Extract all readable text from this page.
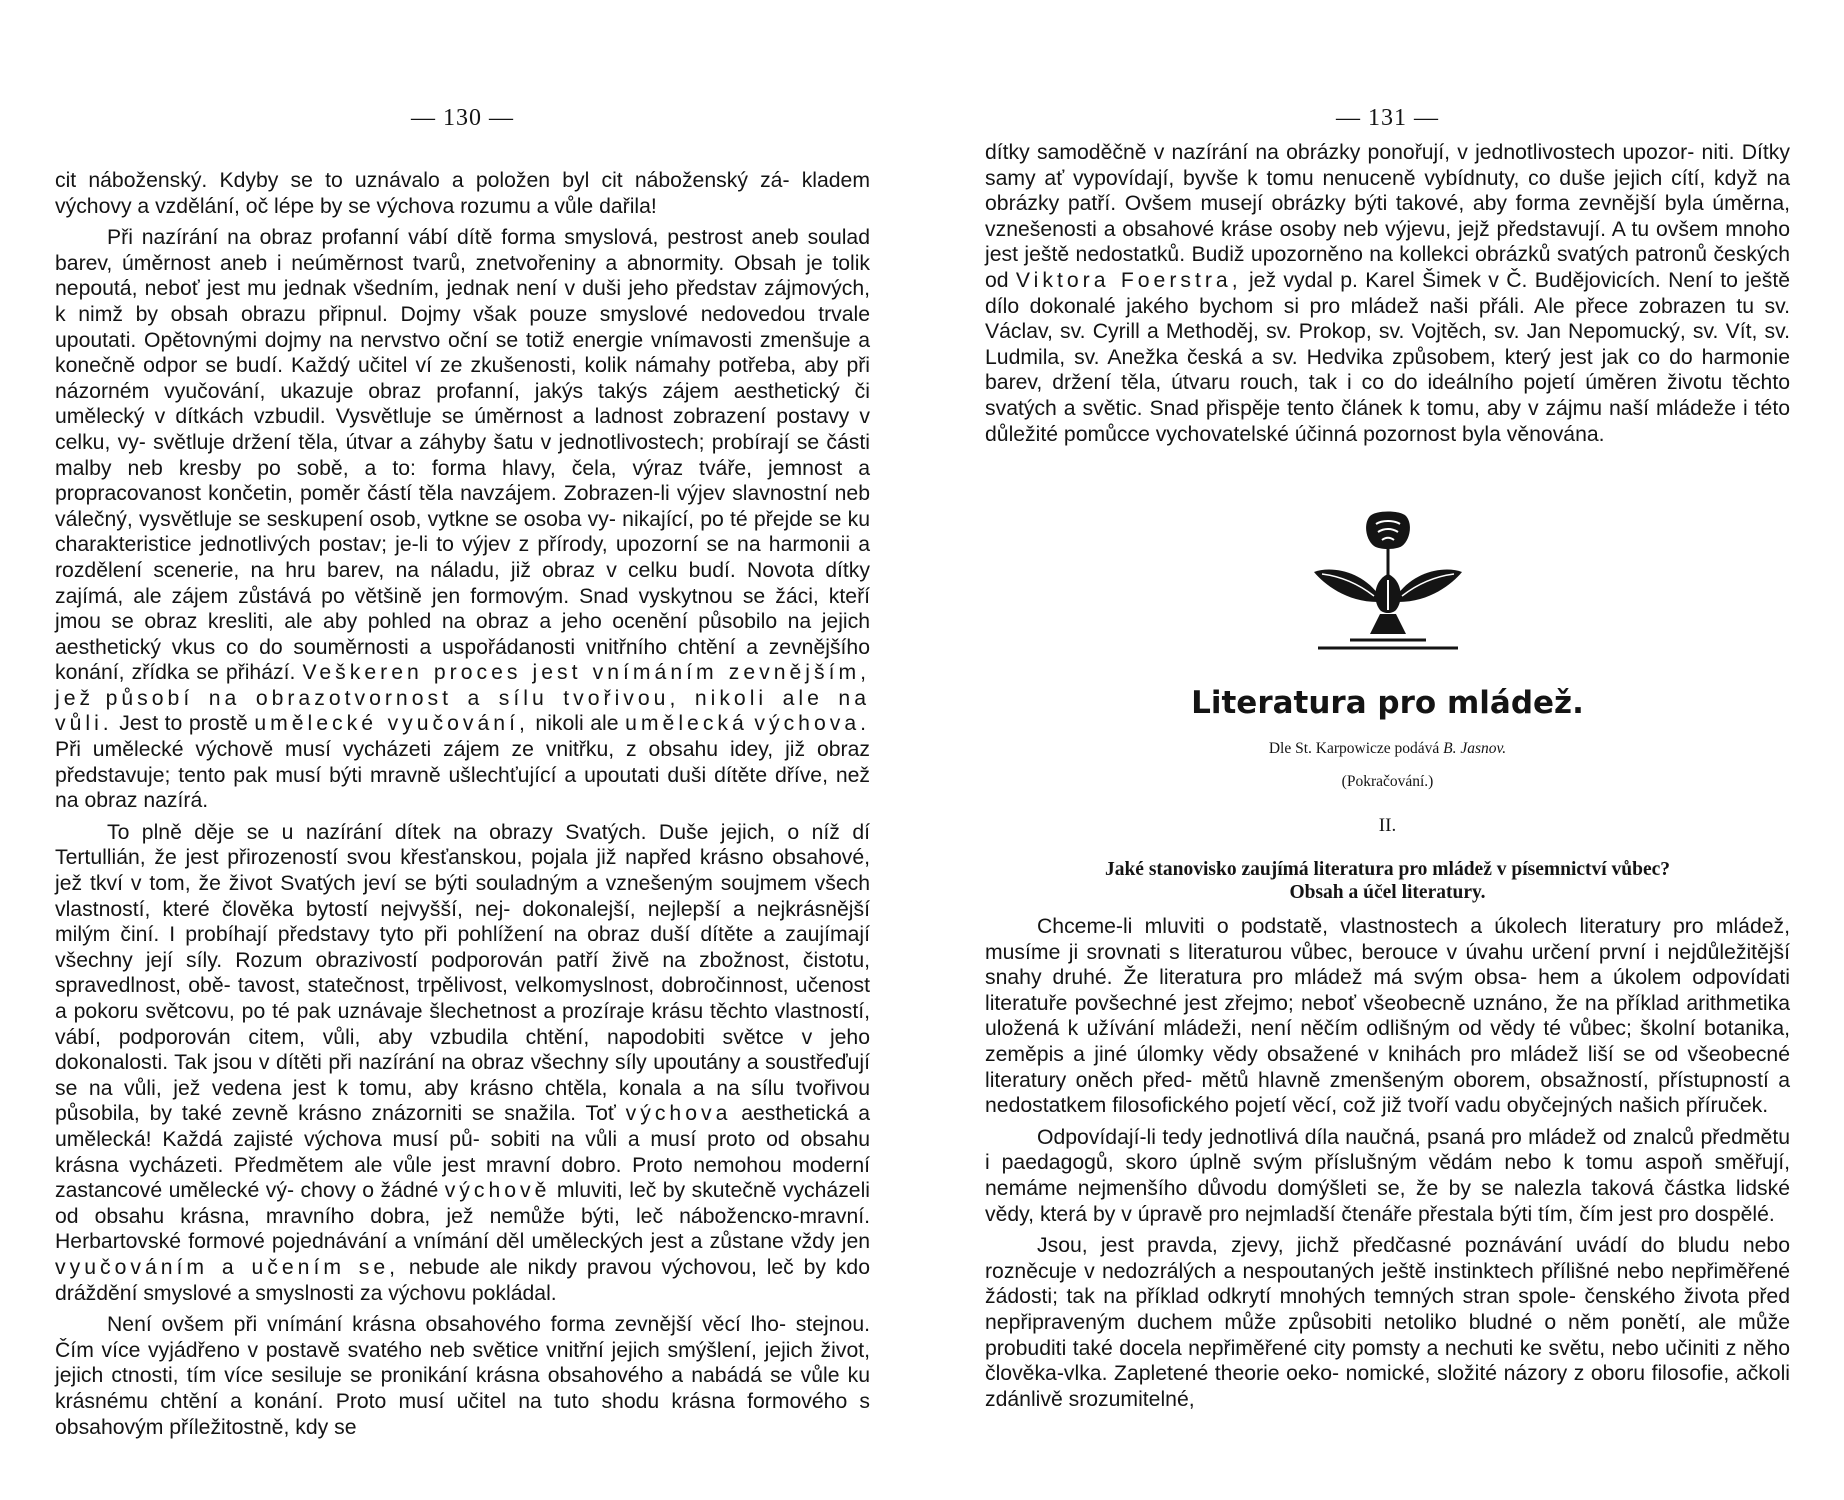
— 130 —

cit náboženský. Kdyby se to uznávalo a položen byl cit náboženský zá- kladem výchovy a vzdělání, oč lépe by se výchova rozumu a vůle dařila!

Při nazírání na obraz profanní vábí dítě forma smyslová, pestrost aneb soulad barev, úměrnost aneb i neúměrnost tvarů, znetvořeniny a abnormity. Obsah je tolik nepoutá, neboť jest mu jednak všedním, jednak není v duši jeho představ zájmových, k nimž by obsah obrazu připnul. Dojmy však pouze smyslové nedovedou trvale upoutati. Opětovnými dojmy na nervstvo oční se totiž energie vnímavosti zmenšuje a konečně odpor se budí. Každý učitel ví ze zkušenosti, kolik námahy potřeba, aby při názorném vyučování, ukazuje obraz profanní, jakýs takýs zájem aesthetický či umělecký v dítkách vzbudil. Vysvětluje se úměrnost a ladnost zobrazení postavy v celku, vy- světluje držení těla, útvar a záhyby šatu v jednotlivostech; probírají se části malby neb kresby po sobě, a to: forma hlavy, čela, výraz tváře, jemnost a propracovanost končetin, poměr částí těla navzájem. Zobrazen-li výjev slavnostní neb válečný, vysvětluje se seskupení osob, vytkne se osoba vy- nikající, po té přejde se ku charakteristice jednotlivých postav; je-li to výjev z přírody, upozorní se na harmonii a rozdělení scenerie, na hru barev, na náladu, již obraz v celku budí. Novota dítky zajímá, ale zájem zůstává po většině jen formovým. Snad vyskytnou se žáci, kteří jmou se obraz kresliti, ale aby pohled na obraz a jeho ocenění působilo na jejich aesthetický vkus co do souměrnosti a uspořádanosti vnitřního chtění a zevnějšího konání, zřídka se přihází. Veškeren proces jest vnímáním zevnějším, jež působí na obrazotvornost a sílu tvořivou, nikoli ale na vůli. Jest to prostě umělecké vyučování, nikoli ale umělecká výchova. Při umělecké výchově musí vycházeti zájem ze vnitřku, z obsahu idey, již obraz představuje; tento pak musí býti mravně ušlechťující a upoutati duši dítěte dříve, než na obraz nazírá.

To plně děje se u nazírání dítek na obrazy Svatých. Duše jejich, o níž dí Tertullián, že jest přirozeností svou křesťanskou, pojala již napřed krásno obsahové, jež tkví v tom, že život Svatých jeví se býti souladným a vznešeným soujmem všech vlastností, které člověka bytostí nejvyšší, nej- dokonalejší, nejlepší a nejkrásnější milým činí. I probíhají představy tyto při pohlížení na obraz duší dítěte a zaujímají všechny její síly. Rozum obrazivostí podporován patří živě na zbožnost, čistotu, spravedlnost, obě- tavost, statečnost, trpělivost, velkomyslnost, dobročinnost, učenost a pokoru světcovu, po té pak uznávaje šlechetnost a prozíraje krásu těchto vlastností, vábí, podporován citem, vůli, aby vzbudila chtění, napodobiti světce v jeho dokonalosti. Tak jsou v dítěti při nazírání na obraz všechny síly upoutány a soustřeďují se na vůli, jež vedena jest k tomu, aby krásno chtěla, konala a na sílu tvořivou působila, by také zevně krásno znázorniti se snažila. Toť výchova aesthetická a umělecká! Každá zajisté výchova musí pů- sobiti na vůli a musí proto od obsahu krásna vycházeti. Předmětem ale vůle jest mravní dobro. Proto nemohou moderní zastancové umělecké vý- chovy o žádné výchově mluviti, leč by skutečně vycházeli od obsahu krásna, mravního dobra, jež nemůže býti, leč náboženско-mravní. Herbartovské formové pojednávání a vnímání děl uměleckých jest a zůstane vždy jen vyučováním a učením se, nebude ale nikdy pravou výchovou, leč by kdo dráždění smyslové a smyslnosti za výchovu pokládal.

Není ovšem při vnímání krásna obsahového forma zevnější věcí lho- stejnou. Čím více vyjádřeno v postavě svatého neb světice vnitřní jejich smýšlení, jejich život, jejich ctnosti, tím více sesiluje se pronikání krásna obsahového a nabádá se vůle ku krásnému chtění a konání. Proto musí učitel na tuto shodu krásna formového s obsahovým příležitostně, kdy se

— 131 —

dítky samoděčně v nazírání na obrázky ponořují, v jednotlivostech upozor- niti. Dítky samy ať vypovídají, byvše k tomu nenuceně vybídnuty, co duše jejich cítí, když na obrázky patří. Ovšem musejí obrázky býti takové, aby forma zevnější byla úměrna, vznešenosti a obsahové kráse osoby neb výjevu, jejž představují. A tu ovšem mnoho jest ještě nedostatků. Budiž upozorněno na kollekci obrázků svatých patronů českých od Viktora Foerstra, jež vydal p. Karel Šimek v Č. Budějovicích. Není to ještě dílo dokonalé jakého bychom si pro mládež naši přáli. Ale přece zobrazen tu sv. Václav, sv. Cyrill a Methoděj, sv. Prokop, sv. Vojtěch, sv. Jan Nepomucký, sv. Vít, sv. Ludmila, sv. Anežka česká a sv. Hedvika způsobem, který jest jak co do harmonie barev, držení těla, útvaru rouch, tak i co do ideálního pojetí úměren životu těchto svatých a světic. Snad přispěje tento článek k tomu, aby v zájmu naší mládeže i této důležité pomůcce vychovatelské účinná pozornost byla věnována.

Literatura pro mládež.
Dle St. Karpowicze podává B. Jasnov.
(Pokračování.)
II.
Jaké stanovisko zaujímá literatura pro mládež v písemnictví vůbec?
Obsah a účel literatury.

Chceme-li mluviti o podstatě, vlastnostech a úkolech literatury pro mládež, musíme ji srovnati s literaturou vůbec, berouce v úvahu určení první i nejdůležitější snahy druhé. Že literatura pro mládež má svým obsa- hem a úkolem odpovídati literatuře povšechné jest zřejmo; neboť všeobecně uznáno, že na příklad arithmetika uložená k užívání mládeži, není něčím odlišným od vědy té vůbec; školní botanika, zeměpis a jiné úlomky vědy obsažené v knihách pro mládež liší se od všeobecné literatury oněch před- mětů hlavně zmenšeným oborem, obsažností, přístupností a nedostatkem filosofického pojetí věcí, což již tvoří vadu obyčejných našich příruček.

Odpovídají-li tedy jednotlivá díla naučná, psaná pro mládež od znalců předmětu i paedagogů, skoro úplně svým příslušným vědám nebo k tomu aspoň směřují, nemáme nejmenšího důvodu domýšleti se, že by se nalezla taková částka lidské vědy, která by v úpravě pro nejmladší čtenáře přestala býti tím, čím jest pro dospělé.

Jsou, jest pravda, zjevy, jichž předčasné poznávání uvádí do bludu nebo rozněcuje v nedozrálých a nespoutaných ještě instinktech přílišné nebo nepřiměřené žádosti; tak na příklad odkrytí mnohých temných stran spole- čenského života před nepřipraveným duchem může způsobiti netoliko bludné o něm ponětí, ale může probuditi také docela nepřiměřené city pomsty a nechuti ke světu, nebo učiniti z něho člověka-vlka. Zapletené theorie oeko- nomické, složité názory z oboru filosofie, ačkoli zdánlivě srozumitelné,
